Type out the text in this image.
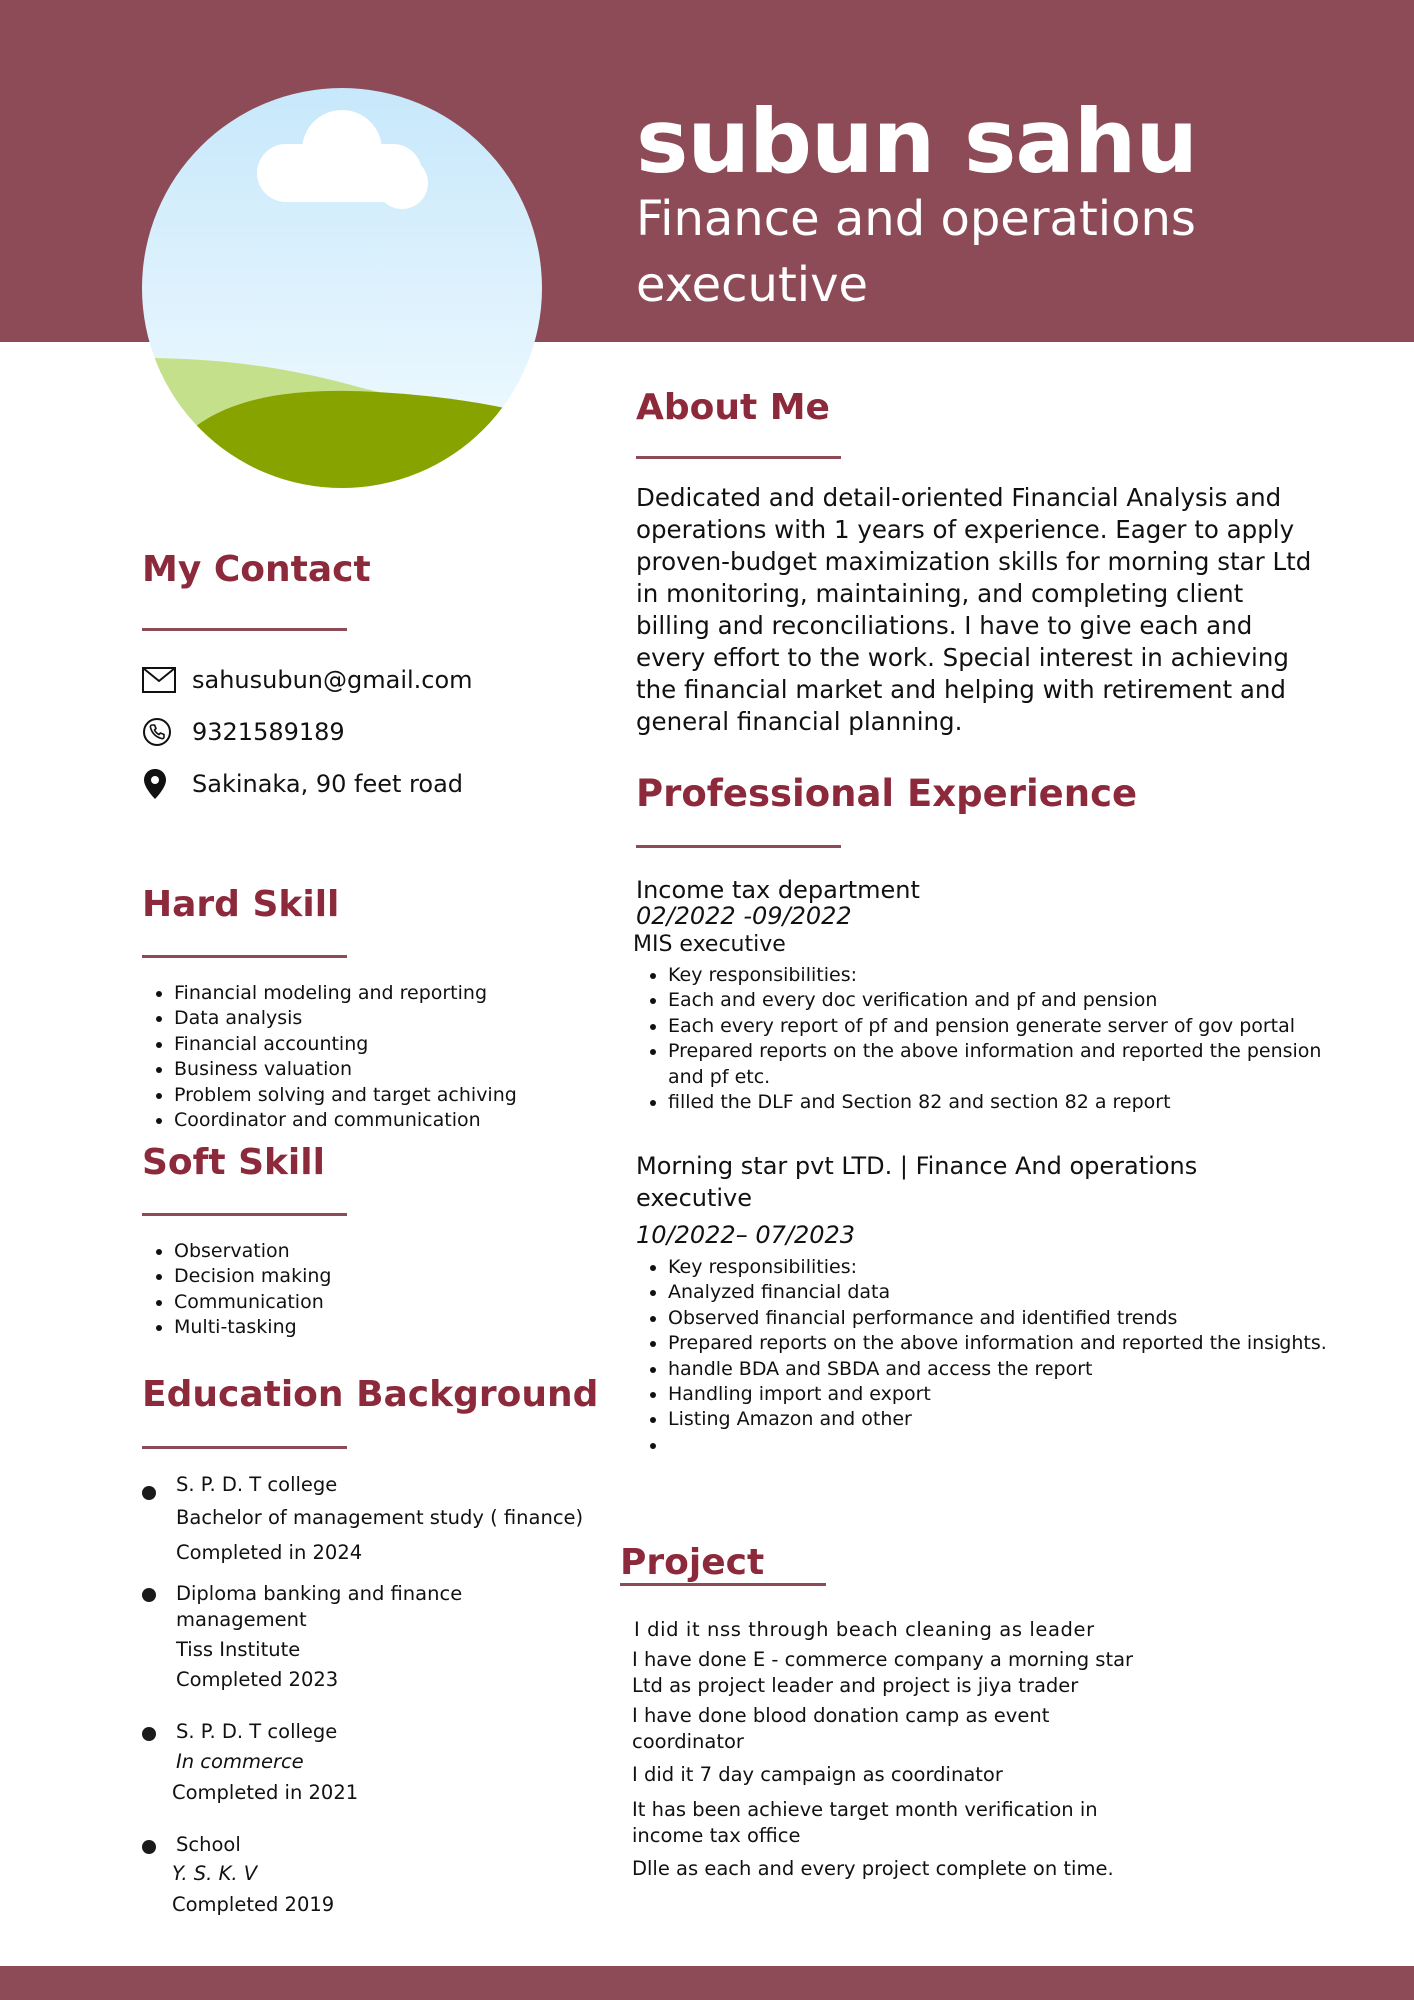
subun sahu
Finance and operations executive
My Contact
sahusubun@gmail.com
9321589189
Sakinaka, 90 feet road
Hard Skill
• Financial modeling and reporting
• Data analysis
• Financial accounting
• Business valuation
• Problem solving and target achiving
• Coordinator and communication
Soft Skill
• Observation
• Decision making
• Communication
• Multi-tasking
Education Background

S. P. D. T college

Bachelor of management study ( finance)

Completed in 2024

Diploma banking and finance management

Tiss Institute

Completed 2023

S. P. D. T college

In commerce

Completed in 2021

School

Y. S. K. V

Completed 2019

About Me

Dedicated and detail-oriented Financial Analysis and operations with 1 years of experience. Eager to apply proven-budget maximization skills for morning star Ltd in monitoring, maintaining, and completing client billing and reconciliations. I have to give each and every effort to the work. Special interest in achieving the financial market and helping with retirement and general financial planning.

Professional Experience

Income tax department

02/2022 -09/2022

MIS executive

• Key responsibilities:
• Each and every doc verification and pf and pension
• Each every report of pf and pension generate server of gov portal
• Prepared reports on the above information and reported the pension and pf etc.
• filled the DLF and Section 82 and section 82 a report

Morning star pvt LTD. | Finance And operations executive

10/2022– 07/2023

• Key responsibilities:
• Analyzed financial data
• Observed financial performance and identified trends
• Prepared reports on the above information and reported the insights.
• handle BDA and SBDA and access the report
• Handling import and export
• Listing Amazon and other
•
Project

I did it nss through beach cleaning as leader

I have done E - commerce company a morning star Ltd as project leader and project is jiya trader

I have done blood donation camp as event coordinator

I did it 7 day campaign as coordinator

It has been achieve target month verification in income tax office

Dlle as each and every project complete on time.
